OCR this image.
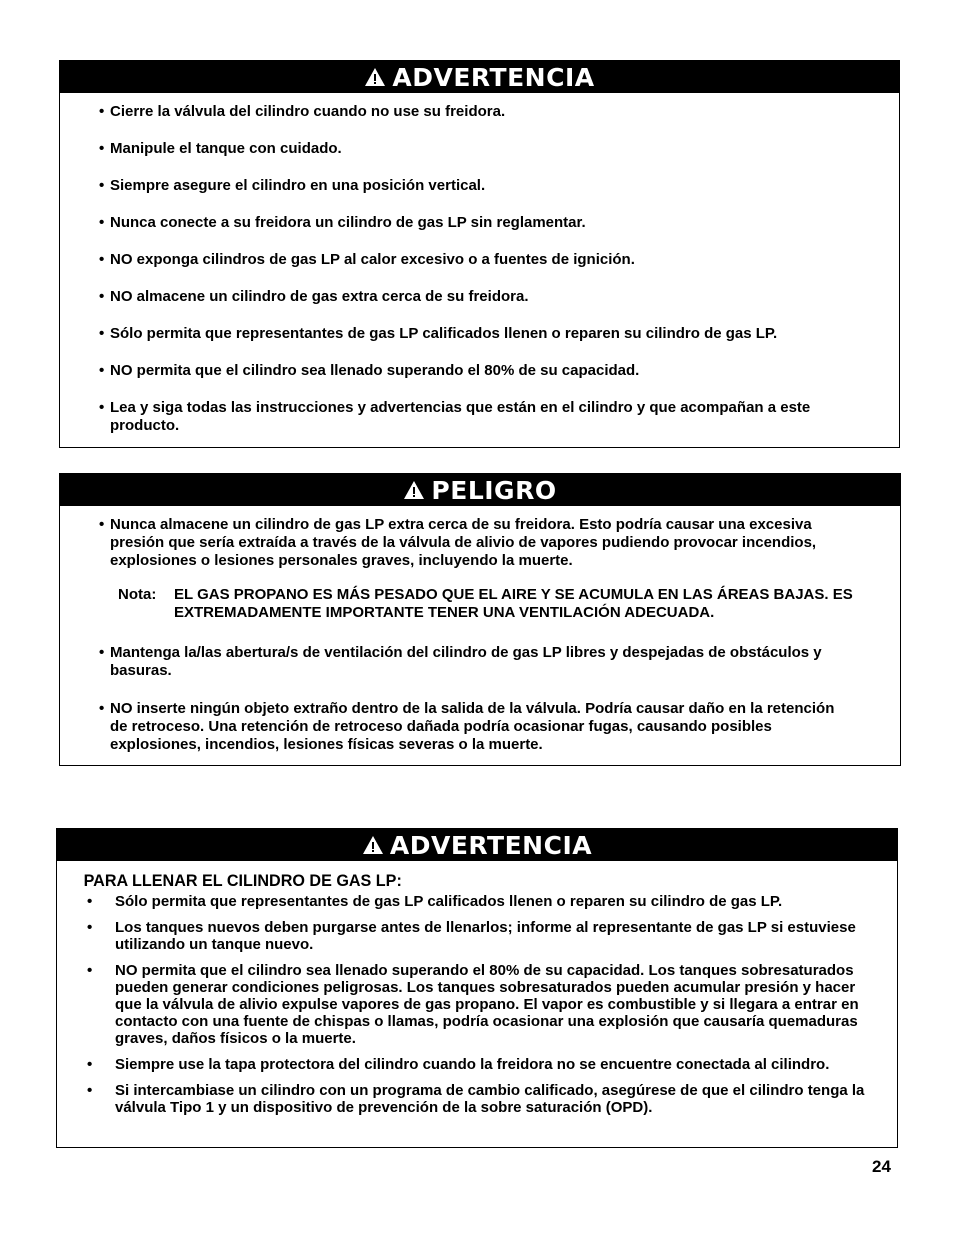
ADVERTENCIA
• Cierre la válvula del cilindro cuando no use su freidora.
• Manipule el tanque con cuidado.
• Siempre asegure el cilindro en una posición vertical.
• Nunca conecte a su freidora un cilindro de gas LP sin reglamentar.
• NO exponga cilindros de gas LP al calor excesivo o a fuentes de ignición.
• NO almacene un cilindro de gas extra cerca de su freidora.
• Sólo permita que representantes de gas LP calificados llenen o reparen su cilindro de gas LP.
• NO permita que el cilindro sea llenado superando el 80% de su capacidad.
• Lea y siga todas las instrucciones y advertencias que están en el cilindro y que acompañan a este producto.
PELIGRO
• Nunca almacene un cilindro de gas LP extra cerca de su freidora. Esto podría causar una excesiva presión que sería extraída a través de la válvula de alivio de vapores pudiendo provocar incendios, explosiones o lesiones personales graves, incluyendo la muerte.
Nota:	EL GAS PROPANO ES MÁS PESADO QUE EL AIRE Y SE ACUMULA EN LAS ÁREAS BAJAS. ES EXTREMADAMENTE IMPORTANTE TENER UNA VENTILACIÓN ADECUADA.
• Mantenga la/las abertura/s de ventilación del cilindro de gas LP libres y despejadas de obstáculos y basuras.
• NO inserte ningún objeto extraño dentro de la salida de la válvula. Podría causar daño en la retención de retroceso. Una retención de retroceso dañada podría ocasionar fugas, causando posibles explosiones, incendios, lesiones físicas severas o la muerte.
ADVERTENCIA
PARA LLENAR EL CILINDRO DE GAS LP:
• Sólo permita que representantes de gas LP calificados llenen o reparen su cilindro de gas LP.
• Los tanques nuevos deben purgarse antes de llenarlos; informe al representante de gas LP si estuviese utilizando un tanque nuevo.
• NO permita que el cilindro sea llenado superando el 80% de su capacidad. Los tanques sobresaturados pueden generar condiciones peligrosas. Los tanques sobresaturados pueden acumular presión y hacer que la válvula de alivio expulse vapores de gas propano. El vapor es combustible y si llegara a entrar en contacto con una fuente de chispas o llamas, podría ocasionar una explosión que causaría quemaduras graves, daños físicos o la muerte.
• Siempre use la tapa protectora del cilindro cuando la freidora no se encuentre conectada al cilindro.
• Si intercambiase un cilindro con un programa de cambio calificado, asegúrese de que el cilindro tenga la válvula Tipo 1 y un dispositivo de prevención de la sobre saturación (OPD).
24
